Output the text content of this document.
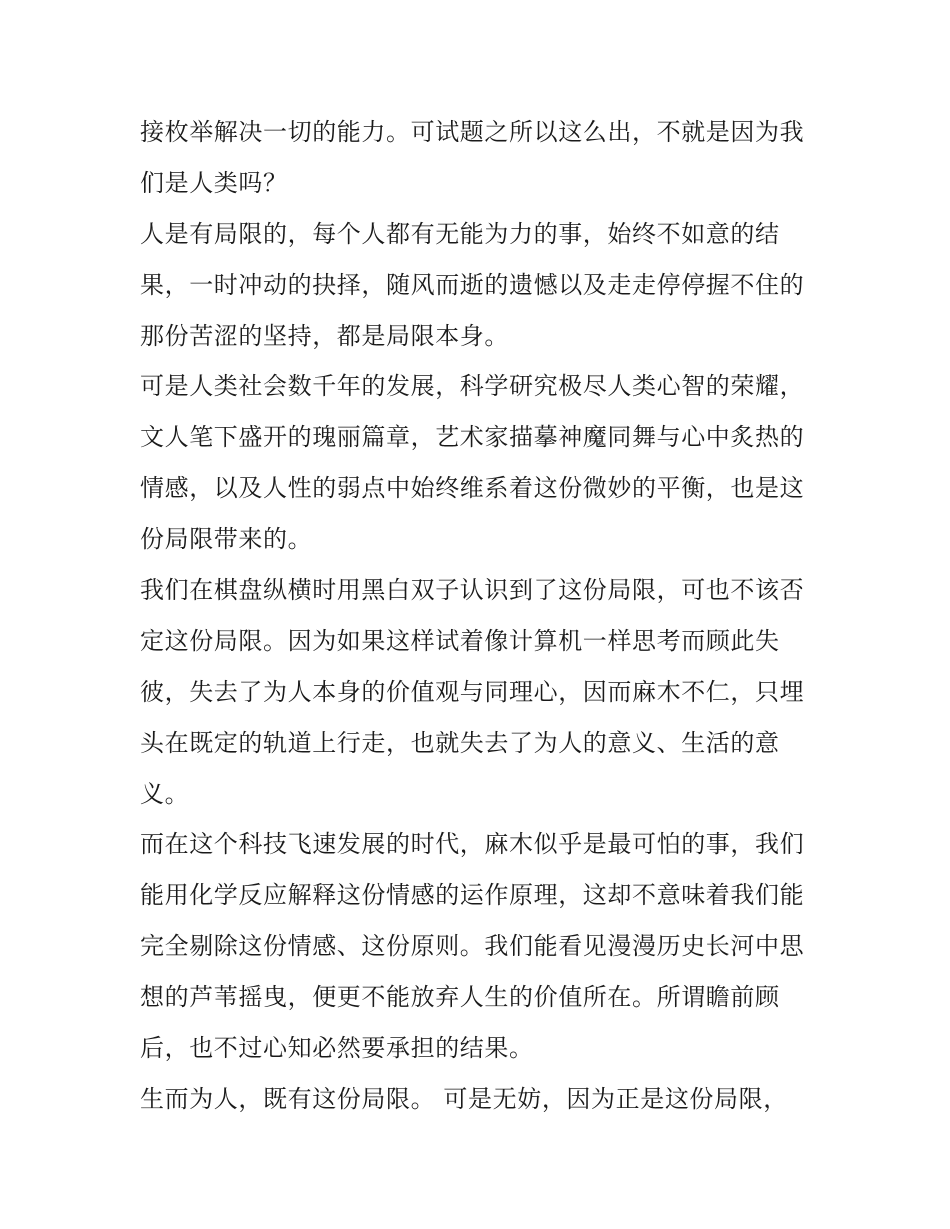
接枚举解决一切的能力。可试题之所以这么出，不就是因为我
们是人类吗？
人是有局限的，每个人都有无能为力的事，始终不如意的结
果，一时冲动的抉择，随风而逝的遗憾以及走走停停握不住的
那份苦涩的坚持，都是局限本身。
可是人类社会数千年的发展，科学研究极尽人类心智的荣耀，
文人笔下盛开的瑰丽篇章，艺术家描摹神魔同舞与心中炙热的
情感，以及人性的弱点中始终维系着这份微妙的平衡，也是这
份局限带来的。
我们在棋盘纵横时用黑白双子认识到了这份局限，可也不该否
定这份局限。因为如果这样试着像计算机一样思考而顾此失
彼，失去了为人本身的价值观与同理心，因而麻木不仁，只埋
头在既定的轨道上行走，也就失去了为人的意义、生活的意
义。
而在这个科技飞速发展的时代，麻木似乎是最可怕的事，我们
能用化学反应解释这份情感的运作原理，这却不意味着我们能
完全剔除这份情感、这份原则。我们能看见漫漫历史长河中思
想的芦苇摇曳，便更不能放弃人生的价值所在。所谓瞻前顾
后，也不过心知必然要承担的结果。
生而为人，既有这份局限。 可是无妨，因为正是这份局限，
